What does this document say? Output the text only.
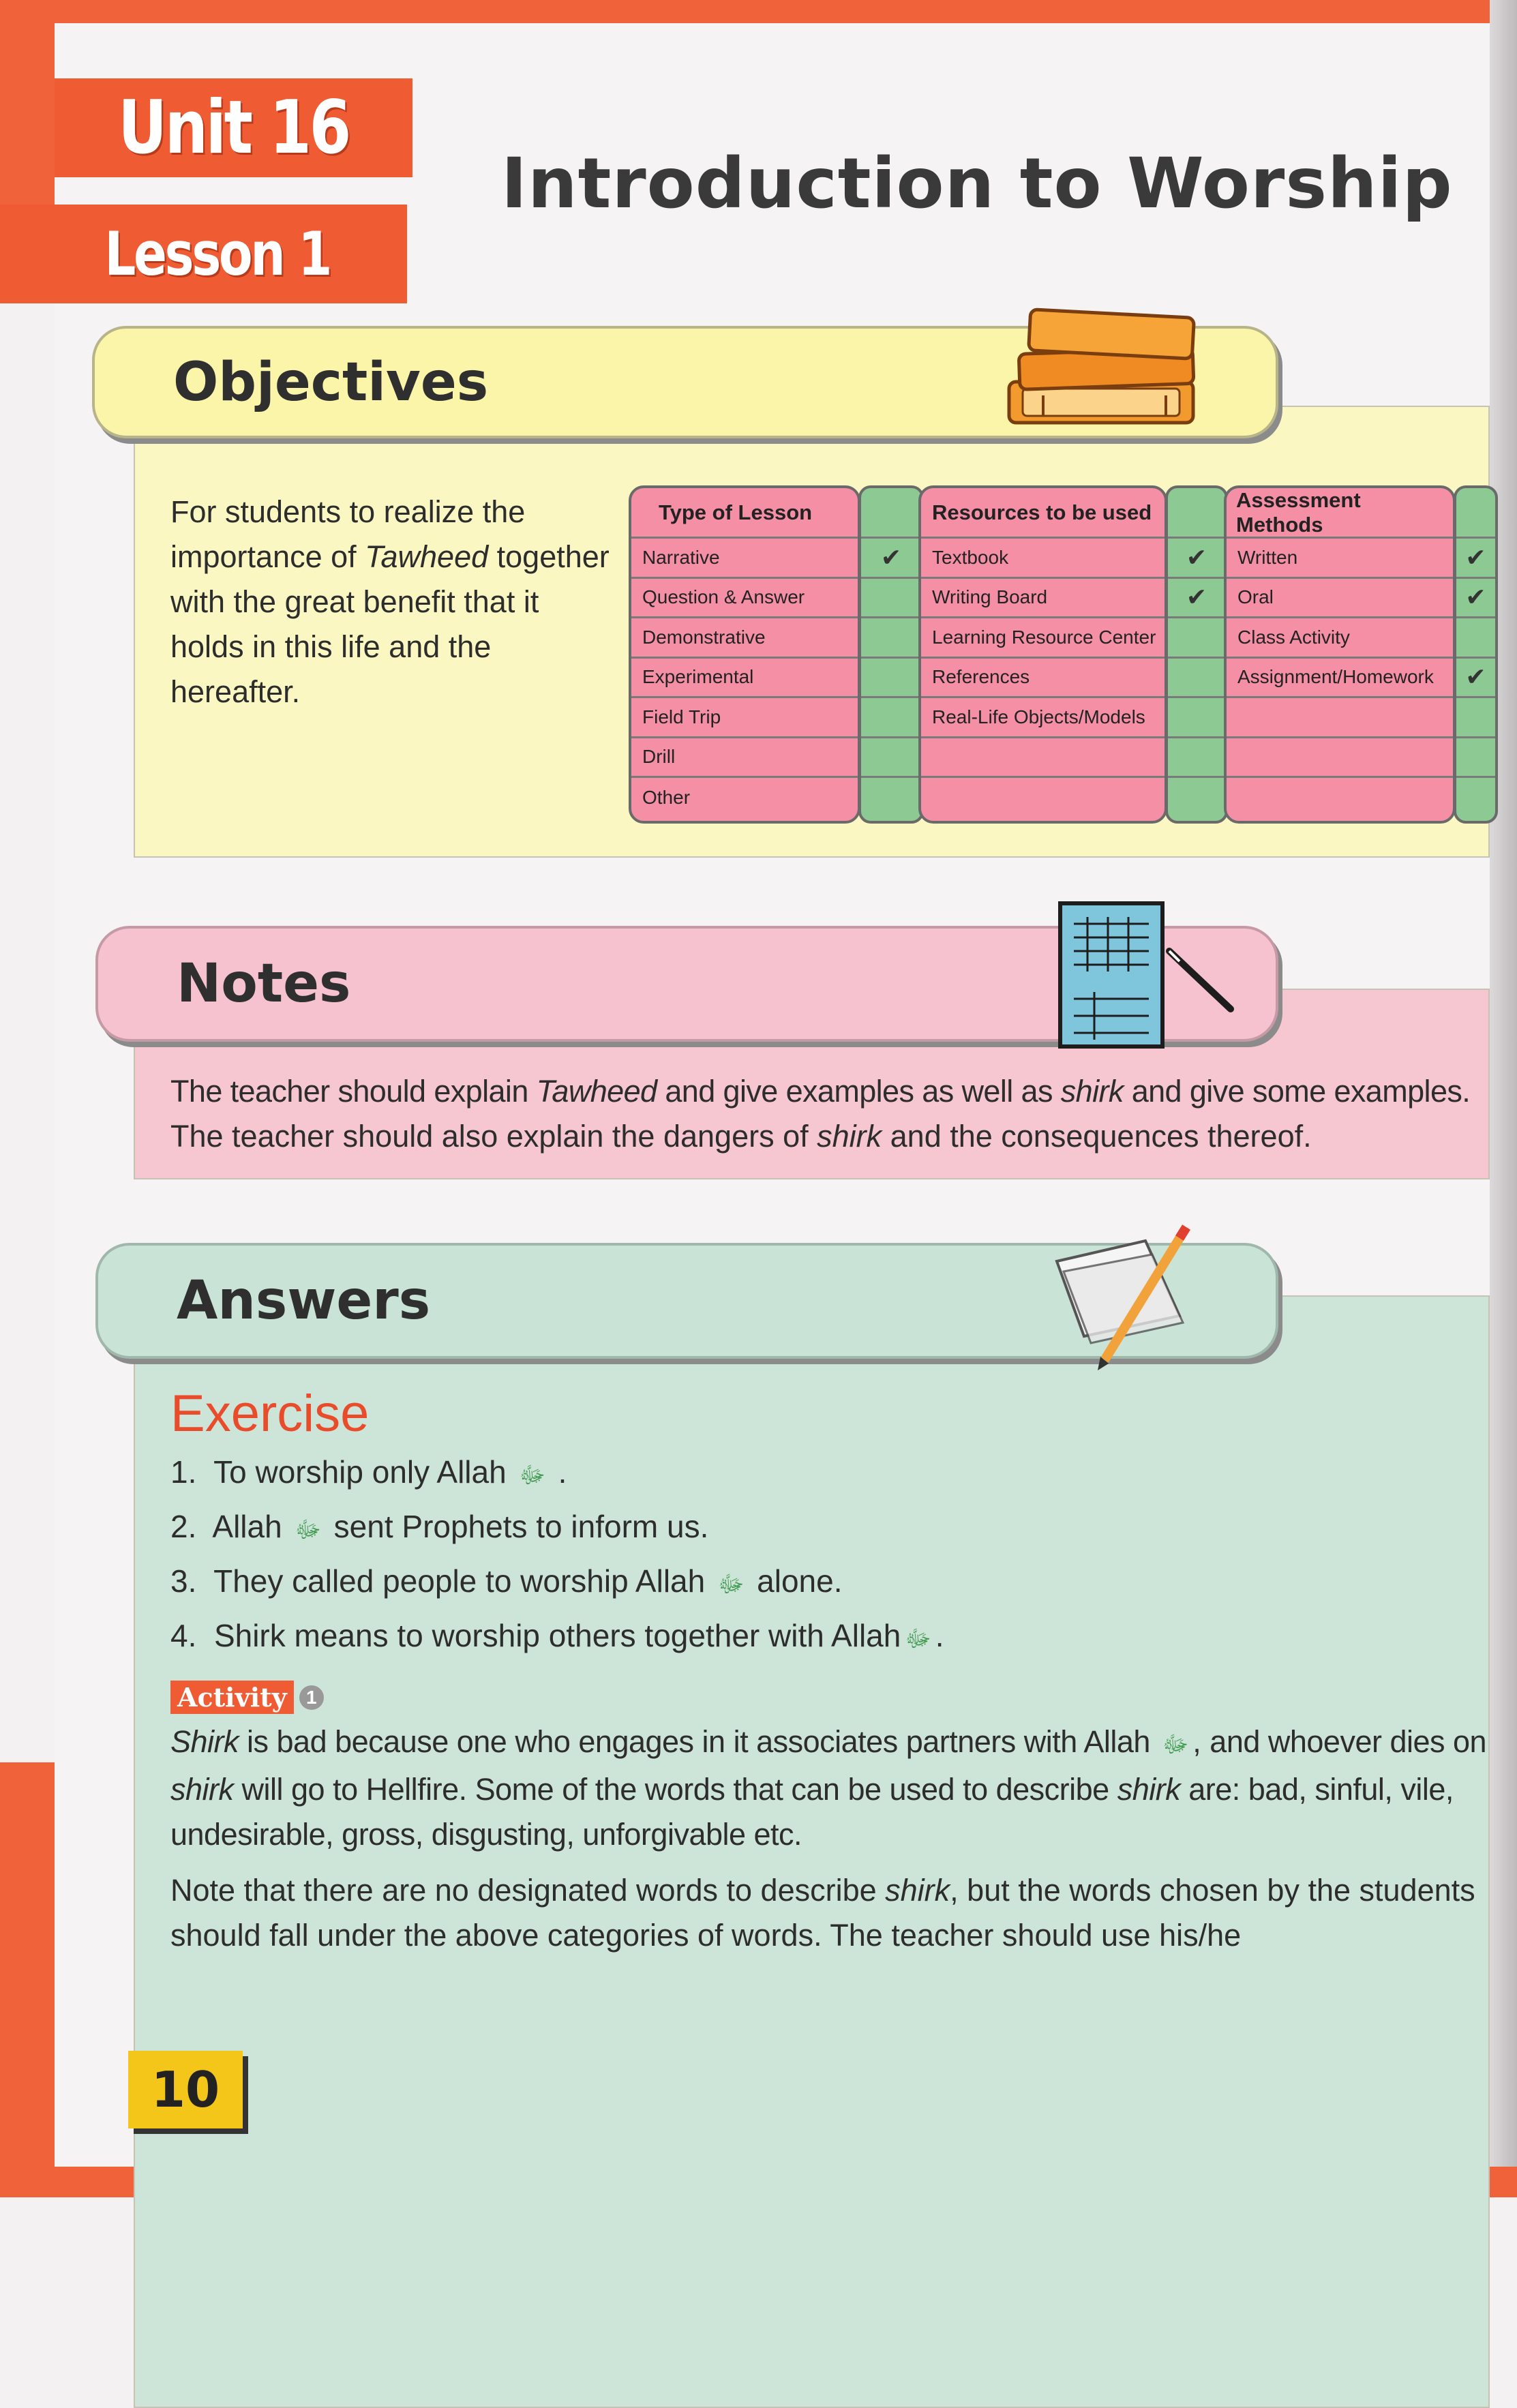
Unit 16
Lesson 1
Introduction to Worship
Objectives
For students to realize the importance of Tawheed together with the great benefit that it holds in this life and the hereafter.
Type of Lesson
Narrative
Question & Answer
Demonstrative
Experimental
Field Trip
Drill
Other
✔
Resources to be used
Textbook
Writing Board
Learning Resource Center
References
Real-Life Objects/Models
✔
✔
Assessment Methods
Written
Oral
Class Activity
Assignment/Homework
✔
✔
✔
Notes
The teacher should explain Tawheed and give examples as well as shirk and give some examples.
The teacher should also explain the dangers of shirk and the consequences thereof.
Answers
Exercise
1. To worship only Allah ﷻ .
2. Allah ﷻ sent Prophets to inform us.
3. They called people to worship Allah ﷻ alone.
4. Shirk means to worship others together with Allah ﷻ .
Activity	1
Shirk is bad because one who engages in it associates partners with Allah ﷻ , and whoever dies on shirk will go to Hellfire. Some of the words that can be used to describe shirk are: bad, sinful, vile, undesirable, gross, disgusting, unforgivable etc.
Note that there are no designated words to describe shirk, but the words chosen by the students should fall under the above categories of words. The teacher should use his/he
10
